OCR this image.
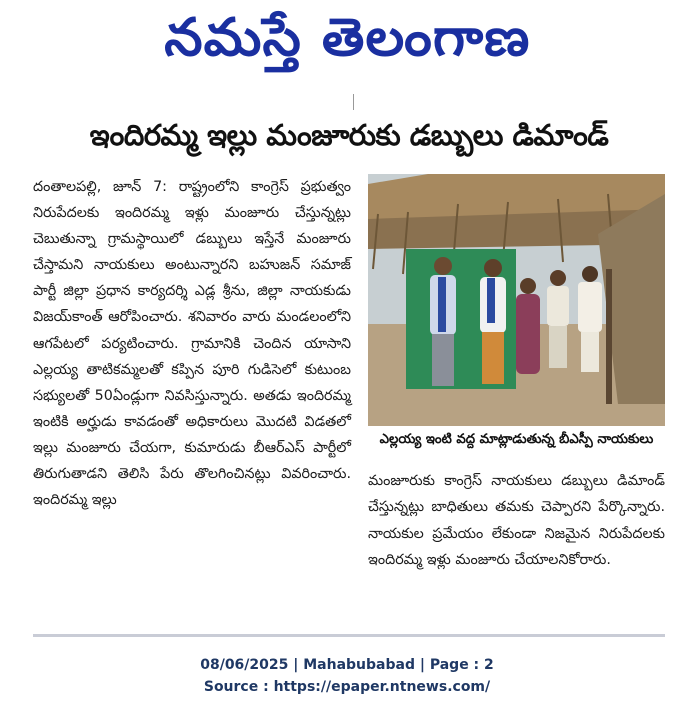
నమస్తే తెలంగాణ
ఇందిరమ్మ ఇల్లు మంజూరుకు డబ్బులు డిమాండ్

దంతాలపల్లి, జూన్ 7: రాష్ట్రంలోని కాంగ్రెస్ ప్రభుత్వం నిరుపేదలకు ఇందిరమ్మ ఇళ్లు మంజూరు చేస్తున్నట్లు చెబుతున్నా గ్రామస్థాయిలో డబ్బులు ఇస్తేనే మంజూరు చేస్తామని నాయకులు అంటున్నారని బహుజన్ సమాజ్ పార్టీ జిల్లా ప్రధాన కార్యదర్శి ఎడ్ల శ్రీను, జిల్లా నాయకుడు విజయ్‌కాంత్ ఆరోపించారు. శనివారం వారు మండలంలోని ఆగపేటలో పర్యటించారు. గ్రామానికి చెందిన యాసాని ఎల్లయ్య తాటికమ్మలతో కప్పిన పూరి గుడిసెలో కుటుంబ సభ్యులతో 50ఏండ్లుగా నివసిస్తున్నారు. అతడు ఇందిరమ్మ ఇంటికి అర్హుడు కావడంతో అధికారులు మొదటి విడతలో ఇల్లు మంజూరు చేయగా, కుమారుడు బీఆర్ఎస్ పార్టీలో తిరుగుతాడని తెలిసి పేరు తొలగించినట్లు వివరించారు. ఇందిరమ్మ ఇల్లు

ఎల్లయ్య ఇంటి వద్ద మాట్లాడుతున్న బీఎస్పీ నాయకులు

మంజూరుకు కాంగ్రెస్ నాయకులు డబ్బులు డిమాండ్ చేస్తున్నట్లు బాధితులు తమకు చెప్పారని పేర్కొన్నారు. నాయకుల ప్రమేయం లేకుండా నిజమైన నిరుపేదలకు ఇందిరమ్మ ఇళ్లు మంజూరు చేయాలనికోరారు.

08/06/2025 | Mahabubabad | Page : 2
Source : https://epaper.ntnews.com/
